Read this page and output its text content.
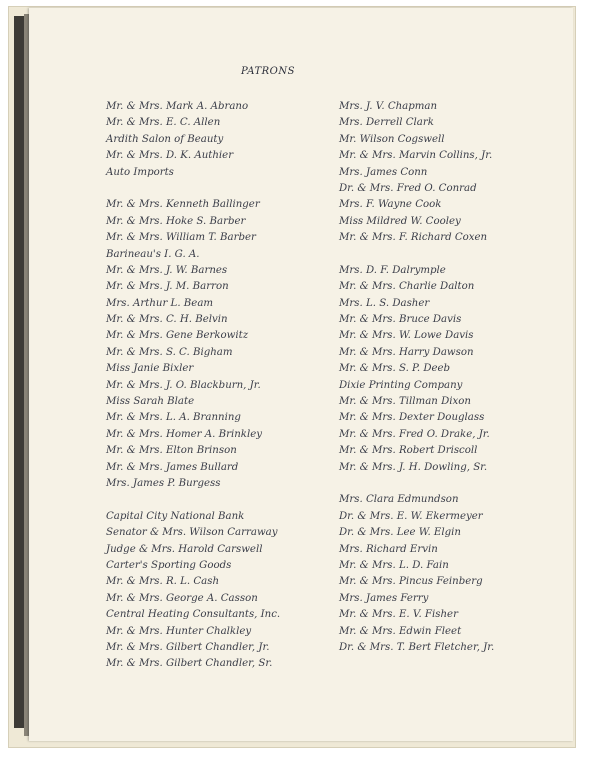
PATRONS
Mr. & Mrs. Mark A. Abrano
Mr. & Mrs. E. C. Allen
Ardith Salon of Beauty
Mr. & Mrs. D. K. Authier
Auto Imports
Mr. & Mrs. Kenneth Ballinger
Mr. & Mrs. Hoke S. Barber
Mr. & Mrs. William T. Barber
Barineau's I. G. A.
Mr. & Mrs. J. W. Barnes
Mr. & Mrs. J. M. Barron
Mrs. Arthur L. Beam
Mr. & Mrs. C. H. Belvin
Mr. & Mrs. Gene Berkowitz
Mr. & Mrs. S. C. Bigham
Miss Janie Bixler
Mr. & Mrs. J. O. Blackburn, Jr.
Miss Sarah Blate
Mr. & Mrs. L. A. Branning
Mr. & Mrs. Homer A. Brinkley
Mr. & Mrs. Elton Brinson
Mr. & Mrs. James Bullard
Mrs. James P. Burgess
Capital City National Bank
Senator & Mrs. Wilson Carraway
Judge & Mrs. Harold Carswell
Carter's Sporting Goods
Mr. & Mrs. R. L. Cash
Mr. & Mrs. George A. Casson
Central Heating Consultants, Inc.
Mr. & Mrs. Hunter Chalkley
Mr. & Mrs. Gilbert Chandler, Jr.
Mr. & Mrs. Gilbert Chandler, Sr.
Mrs. J. V. Chapman
Mrs. Derrell Clark
Mr. Wilson Cogswell
Mr. & Mrs. Marvin Collins, Jr.
Mrs. James Conn
Dr. & Mrs. Fred O. Conrad
Mrs. F. Wayne Cook
Miss Mildred W. Cooley
Mr. & Mrs. F. Richard Coxen
Mrs. D. F. Dalrymple
Mr. & Mrs. Charlie Dalton
Mrs. L. S. Dasher
Mr. & Mrs. Bruce Davis
Mr. & Mrs. W. Lowe Davis
Mr. & Mrs. Harry Dawson
Mr. & Mrs. S. P. Deeb
Dixie Printing Company
Mr. & Mrs. Tillman Dixon
Mr. & Mrs. Dexter Douglass
Mr. & Mrs. Fred O. Drake, Jr.
Mr. & Mrs. Robert Driscoll
Mr. & Mrs. J. H. Dowling, Sr.
Mrs. Clara Edmundson
Dr. & Mrs. E. W. Ekermeyer
Dr. & Mrs. Lee W. Elgin
Mrs. Richard Ervin
Mr. & Mrs. L. D. Fain
Mr. & Mrs. Pincus Feinberg
Mrs. James Ferry
Mr. & Mrs. E. V. Fisher
Mr. & Mrs. Edwin Fleet
Dr. & Mrs. T. Bert Fletcher, Jr.
